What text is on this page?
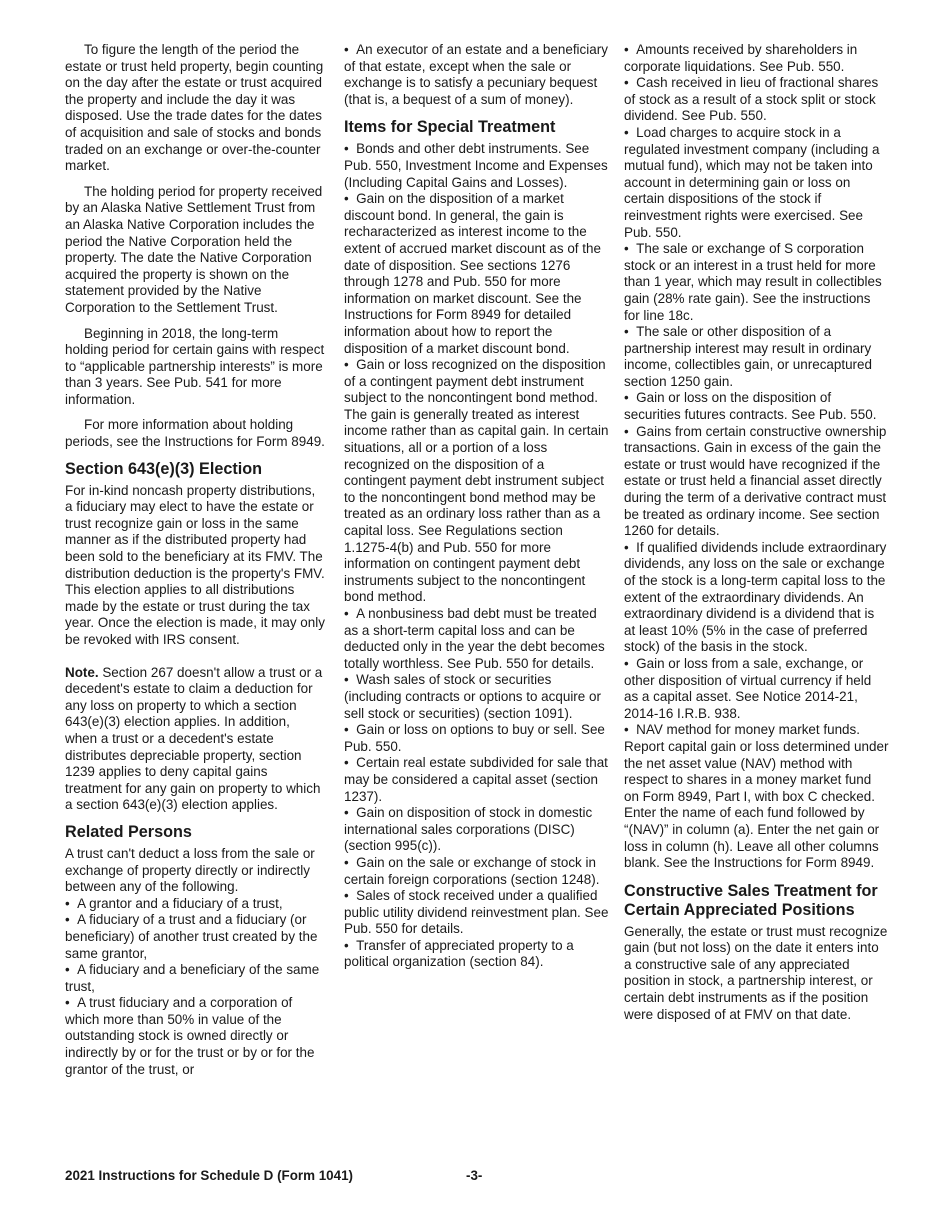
To figure the length of the period the estate or trust held property, begin counting on the day after the estate or trust acquired the property and include the day it was disposed. Use the trade dates for the dates of acquisition and sale of stocks and bonds traded on an exchange or over-the-counter market.

The holding period for property received by an Alaska Native Settlement Trust from an Alaska Native Corporation includes the period the Native Corporation held the property. The date the Native Corporation acquired the property is shown on the statement provided by the Native Corporation to the Settlement Trust.

Beginning in 2018, the long-term holding period for certain gains with respect to “applicable partnership interests” is more than 3 years. See Pub. 541 for more information.

For more information about holding periods, see the Instructions for Form 8949.

Section 643(e)(3) Election

For in-kind noncash property distributions, a fiduciary may elect to have the estate or trust recognize gain or loss in the same manner as if the distributed property had been sold to the beneficiary at its FMV. The distribution deduction is the property's FMV. This election applies to all distributions made by the estate or trust during the tax year. Once the election is made, it may only be revoked with IRS consent.

Note. Section 267 doesn't allow a trust or a decedent's estate to claim a deduction for any loss on property to which a section 643(e)(3) election applies. In addition, when a trust or a decedent's estate distributes depreciable property, section 1239 applies to deny capital gains treatment for any gain on property to which a section 643(e)(3) election applies.

Related Persons

A trust can't deduct a loss from the sale or exchange of property directly or indirectly between any of the following.

•  A grantor and a fiduciary of a trust,

•  A fiduciary of a trust and a fiduciary (or beneficiary) of another trust created by the same grantor,

•  A fiduciary and a beneficiary of the same trust,

•  A trust fiduciary and a corporation of which more than 50% in value of the outstanding stock is owned directly or indirectly by or for the trust or by or for the grantor of the trust, or

•  An executor of an estate and a beneficiary of that estate, except when the sale or exchange is to satisfy a pecuniary bequest (that is, a bequest of a sum of money).

Items for Special Treatment

•  Bonds and other debt instruments. See Pub. 550, Investment Income and Expenses (Including Capital Gains and Losses).

•  Gain on the disposition of a market discount bond. In general, the gain is recharacterized as interest income to the extent of accrued market discount as of the date of disposition. See sections 1276 through 1278 and Pub. 550 for more information on market discount. See the Instructions for Form 8949 for detailed information about how to report the disposition of a market discount bond.

•  Gain or loss recognized on the disposition of a contingent payment debt instrument subject to the noncontingent bond method. The gain is generally treated as interest income rather than as capital gain. In certain situations, all or a portion of a loss recognized on the disposition of a contingent payment debt instrument subject to the noncontingent bond method may be treated as an ordinary loss rather than as a capital loss. See Regulations section 1.1275-4(b) and Pub. 550 for more information on contingent payment debt instruments subject to the noncontingent bond method.

•  A nonbusiness bad debt must be treated as a short-term capital loss and can be deducted only in the year the debt becomes totally worthless. See Pub. 550 for details.

•  Wash sales of stock or securities (including contracts or options to acquire or sell stock or securities) (section 1091).

•  Gain or loss on options to buy or sell. See Pub. 550.

•  Certain real estate subdivided for sale that may be considered a capital asset (section 1237).

•  Gain on disposition of stock in domestic international sales corporations (DISC) (section 995(c)).

•  Gain on the sale or exchange of stock in certain foreign corporations (section 1248).

•  Sales of stock received under a qualified public utility dividend reinvestment plan. See Pub. 550 for details.

•  Transfer of appreciated property to a political organization (section 84).

•  Amounts received by shareholders in corporate liquidations. See Pub. 550.

•  Cash received in lieu of fractional shares of stock as a result of a stock split or stock dividend. See Pub. 550.

•  Load charges to acquire stock in a regulated investment company (including a mutual fund), which may not be taken into account in determining gain or loss on certain dispositions of the stock if reinvestment rights were exercised. See Pub. 550.

•  The sale or exchange of S corporation stock or an interest in a trust held for more than 1 year, which may result in collectibles gain (28% rate gain). See the instructions for line 18c.

•  The sale or other disposition of a partnership interest may result in ordinary income, collectibles gain, or unrecaptured section 1250 gain.

•  Gain or loss on the disposition of securities futures contracts. See Pub. 550.

•  Gains from certain constructive ownership transactions. Gain in excess of the gain the estate or trust would have recognized if the estate or trust held a financial asset directly during the term of a derivative contract must be treated as ordinary income. See section 1260 for details.

•  If qualified dividends include extraordinary dividends, any loss on the sale or exchange of the stock is a long-term capital loss to the extent of the extraordinary dividends. An extraordinary dividend is a dividend that is at least 10% (5% in the case of preferred stock) of the basis in the stock.

•  Gain or loss from a sale, exchange, or other disposition of virtual currency if held as a capital asset. See Notice 2014-21, 2014-16 I.R.B. 938.

•  NAV method for money market funds. Report capital gain or loss determined under the net asset value (NAV) method with respect to shares in a money market fund on Form 8949, Part I, with box C checked. Enter the name of each fund followed by “(NAV)” in column (a). Enter the net gain or loss in column (h). Leave all other columns blank. See the Instructions for Form 8949.

Constructive Sales Treatment for Certain Appreciated Positions

Generally, the estate or trust must recognize gain (but not loss) on the date it enters into a constructive sale of any appreciated position in stock, a partnership interest, or certain debt instruments as if the position were disposed of at FMV on that date.

2021 Instructions for Schedule D (Form 1041)	-3-
